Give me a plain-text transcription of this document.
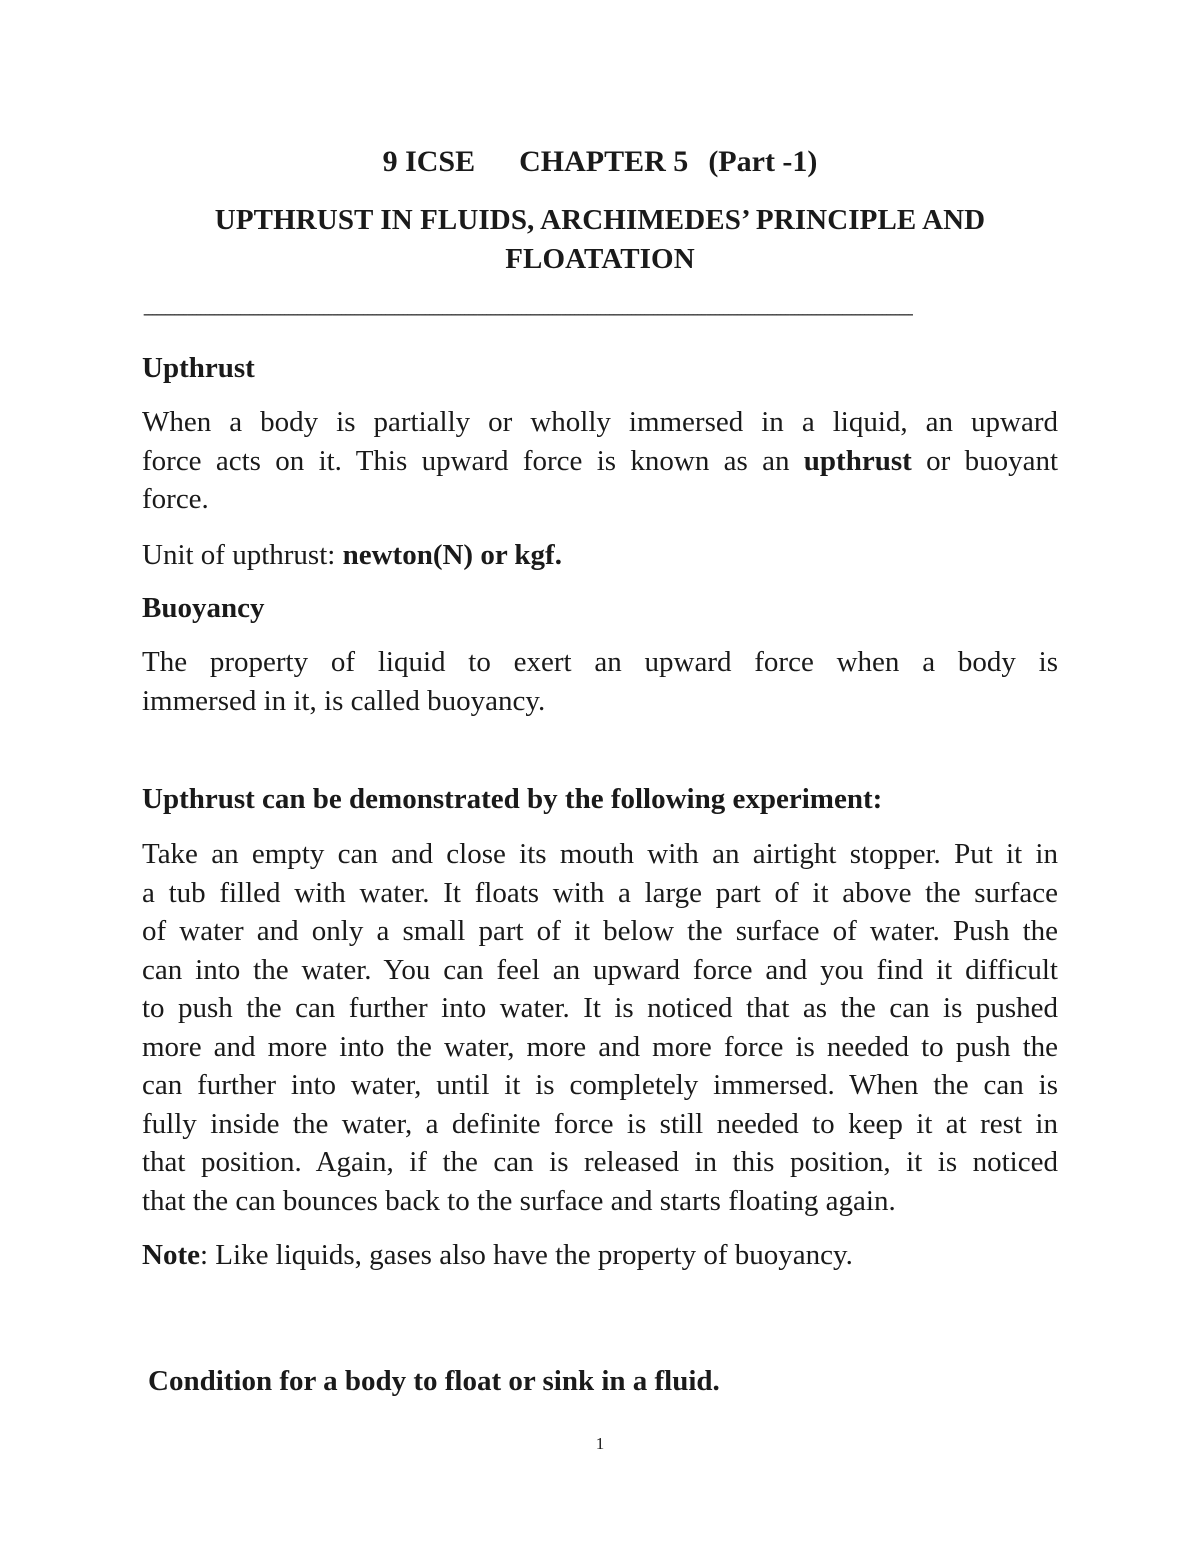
9 ICSE CHAPTER 5 (Part -1)
UPTHRUST IN FLUIDS, ARCHIMEDES’ PRINCIPLE AND
FLOATATION
-------------------------------------------------------------------------------------------------------------------------------------------------------------------------------
Upthrust
When a body is partially or wholly immersed in a liquid, an upward
force acts on it. This upward force is known as an upthrust or buoyant
force.
Unit of upthrust: newton(N) or kgf.
Buoyancy
The property of liquid to exert an upward force when a body is
immersed in it, is called buoyancy.
Upthrust can be demonstrated by the following experiment:
Take an empty can and close its mouth with an airtight stopper. Put it in
a tub filled with water. It floats with a large part of it above the surface
of water and only a small part of it below the surface of water. Push the
can into the water. You can feel an upward force and you find it difficult
to push the can further into water. It is noticed that as the can is pushed
more and more into the water, more and more force is needed to push the
can further into water, until it is completely immersed. When the can is
fully inside the water, a definite force is still needed to keep it at rest in
that position. Again, if the can is released in this position, it is noticed
that the can bounces back to the surface and starts floating again.
Note: Like liquids, gases also have the property of buoyancy.
Condition for a body to float or sink in a fluid.
1
